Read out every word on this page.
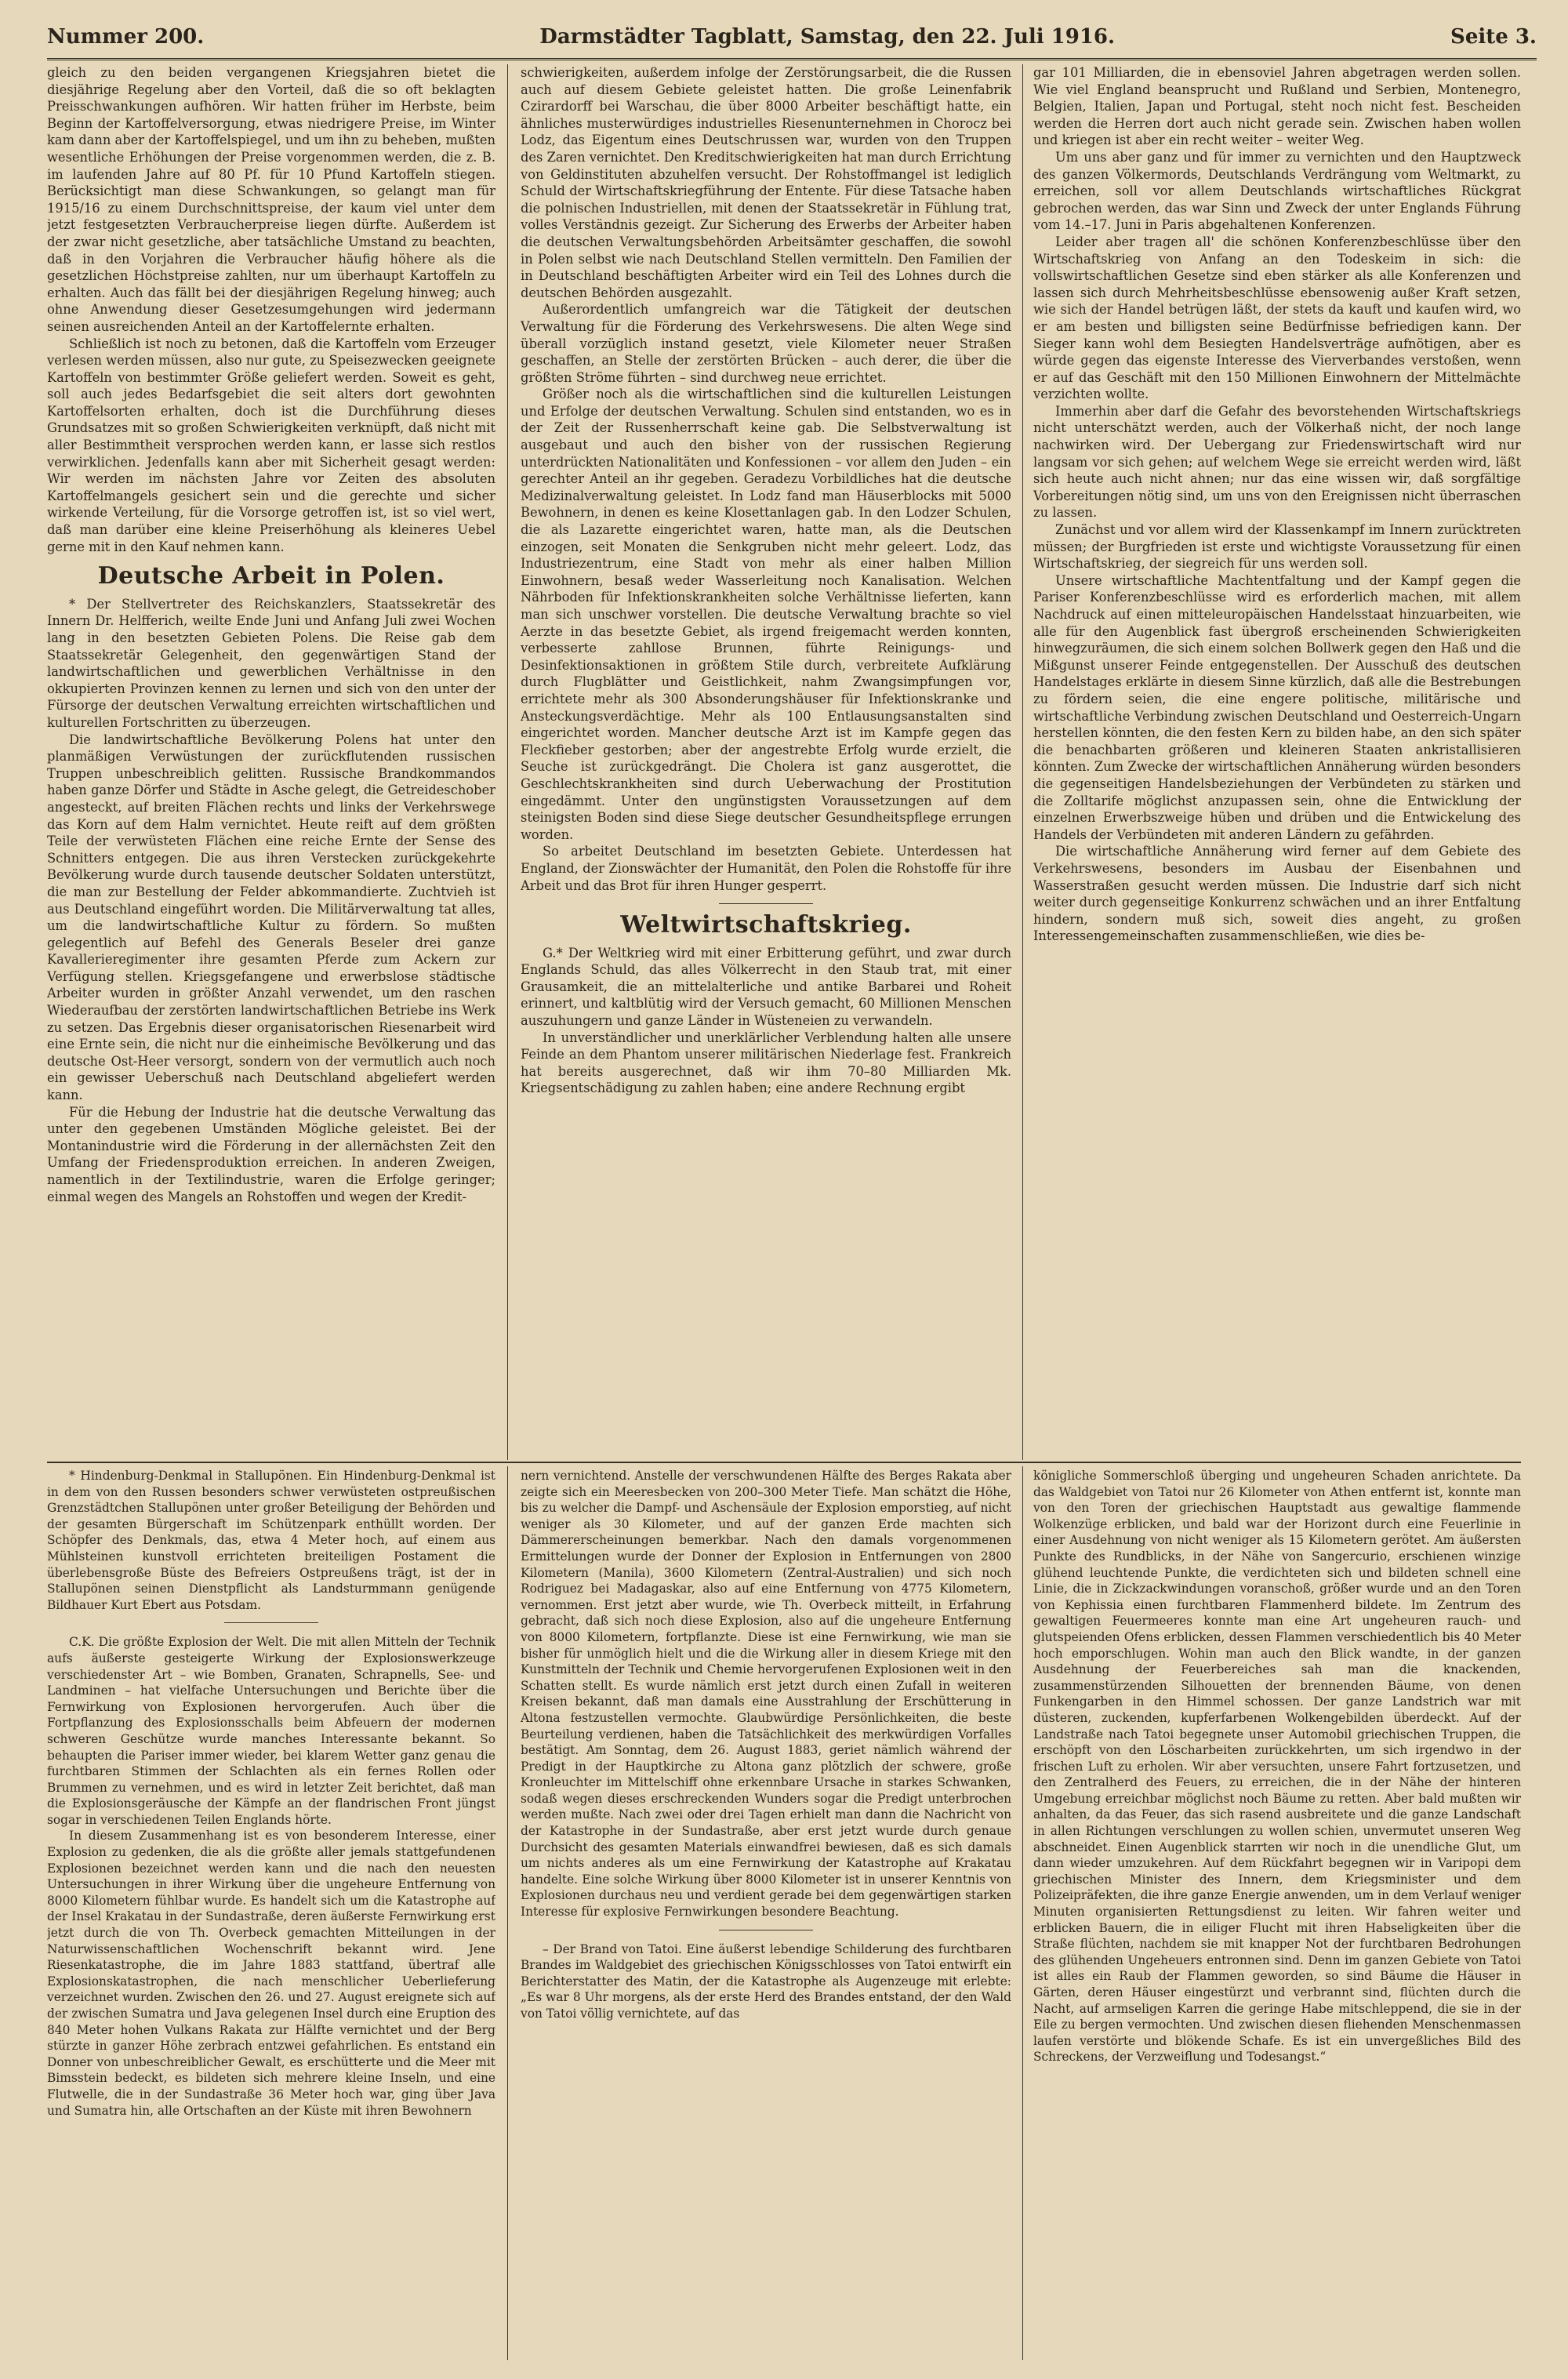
Nummer 200.	Darmstädter Tagblatt, Samstag, den 22. Juli 1916.	Seite 3.

gleich zu den beiden vergangenen Kriegsjahren bietet die diesjährige Regelung aber den Vorteil, daß die so oft beklagten Preisschwankungen aufhören. Wir hatten früher im Herbste, beim Beginn der Kartoffelversorgung, etwas niedrigere Preise, im Winter kam dann aber der Kartoffelspiegel, und um ihn zu beheben, mußten wesentliche Erhöhungen der Preise vorgenommen werden, die z. B. im laufenden Jahre auf 80 Pf. für 10 Pfund Kartoffeln stiegen. Berücksichtigt man diese Schwankungen, so gelangt man für 1915/16 zu einem Durchschnittspreise, der kaum viel unter dem jetzt festgesetzten Verbraucherpreise liegen dürfte. Außerdem ist der zwar nicht gesetzliche, aber tatsächliche Umstand zu beachten, daß in den Vorjahren die Verbraucher häufig höhere als die gesetzlichen Höchstpreise zahlten, nur um überhaupt Kartoffeln zu erhalten. Auch das fällt bei der diesjährigen Regelung hinweg; auch ohne Anwendung dieser Gesetzesumgehungen wird jedermann seinen ausreichenden Anteil an der Kartoffelernte erhalten.

Schließlich ist noch zu betonen, daß die Kartoffeln vom Erzeuger verlesen werden müssen, also nur gute, zu Speisezwecken geeignete Kartoffeln von bestimmter Größe geliefert werden. Soweit es geht, soll auch jedes Bedarfsgebiet die seit alters dort gewohnten Kartoffelsorten erhalten, doch ist die Durchführung dieses Grundsatzes mit so großen Schwierigkeiten verknüpft, daß nicht mit aller Bestimmtheit versprochen werden kann, er lasse sich restlos verwirklichen. Jedenfalls kann aber mit Sicherheit gesagt werden: Wir werden im nächsten Jahre vor Zeiten des absoluten Kartoffelmangels gesichert sein und die gerechte und sicher wirkende Verteilung, für die Vorsorge getroffen ist, ist so viel wert, daß man darüber eine kleine Preiserhöhung als kleineres Uebel gerne mit in den Kauf nehmen kann.

Deutsche Arbeit in Polen.

* Der Stellvertreter des Reichskanzlers, Staatssekretär des Innern Dr. Helfferich, weilte Ende Juni und Anfang Juli zwei Wochen lang in den besetzten Gebieten Polens. Die Reise gab dem Staatssekretär Gelegenheit, den gegenwärtigen Stand der landwirtschaftlichen und gewerblichen Verhältnisse in den okkupierten Provinzen kennen zu lernen und sich von den unter der Fürsorge der deutschen Verwaltung erreichten wirtschaftlichen und kulturellen Fortschritten zu überzeugen.

Die landwirtschaftliche Bevölkerung Polens hat unter den planmäßigen Verwüstungen der zurückflutenden russischen Truppen unbeschreiblich gelitten. Russische Brandkommandos haben ganze Dörfer und Städte in Asche gelegt, die Getreideschober angesteckt, auf breiten Flächen rechts und links der Verkehrswege das Korn auf dem Halm vernichtet. Heute reift auf dem größten Teile der verwüsteten Flächen eine reiche Ernte der Sense des Schnitters entgegen. Die aus ihren Verstecken zurückgekehrte Bevölkerung wurde durch tausende deutscher Soldaten unterstützt, die man zur Bestellung der Felder abkommandierte. Zuchtvieh ist aus Deutschland eingeführt worden. Die Militärverwaltung tat alles, um die landwirtschaftliche Kultur zu fördern. So mußten gelegentlich auf Befehl des Generals Beseler drei ganze Kavallerieregimenter ihre gesamten Pferde zum Ackern zur Verfügung stellen. Kriegsgefangene und erwerbslose städtische Arbeiter wurden in größter Anzahl verwendet, um den raschen Wiederaufbau der zerstörten landwirtschaftlichen Betriebe ins Werk zu setzen. Das Ergebnis dieser organisatorischen Riesenarbeit wird eine Ernte sein, die nicht nur die einheimische Bevölkerung und das deutsche Ost-Heer versorgt, sondern von der vermutlich auch noch ein gewisser Ueberschuß nach Deutschland abgeliefert werden kann.

Für die Hebung der Industrie hat die deutsche Verwaltung das unter den gegebenen Umständen Mögliche geleistet. Bei der Montanindustrie wird die Förderung in der allernächsten Zeit den Umfang der Friedensproduktion erreichen. In anderen Zweigen, namentlich in der Textilindustrie, waren die Erfolge geringer; einmal wegen des Mangels an Rohstoffen und wegen der Kredit-

schwierigkeiten, außerdem infolge der Zerstörungsarbeit, die die Russen auch auf diesem Gebiete geleistet hatten. Die große Leinenfabrik Czirardorff bei Warschau, die über 8000 Arbeiter beschäftigt hatte, ein ähnliches musterwürdiges industrielles Riesenunternehmen in Chorocz bei Lodz, das Eigentum eines Deutschrussen war, wurden von den Truppen des Zaren vernichtet. Den Kreditschwierigkeiten hat man durch Errichtung von Geldinstituten abzuhelfen versucht. Der Rohstoffmangel ist lediglich Schuld der Wirtschaftskriegführung der Entente. Für diese Tatsache haben die polnischen Industriellen, mit denen der Staatssekretär in Fühlung trat, volles Verständnis gezeigt. Zur Sicherung des Erwerbs der Arbeiter haben die deutschen Verwaltungsbehörden Arbeitsämter geschaffen, die sowohl in Polen selbst wie nach Deutschland Stellen vermitteln. Den Familien der in Deutschland beschäftigten Arbeiter wird ein Teil des Lohnes durch die deutschen Behörden ausgezahlt.

Außerordentlich umfangreich war die Tätigkeit der deutschen Verwaltung für die Förderung des Verkehrswesens. Die alten Wege sind überall vorzüglich instand gesetzt, viele Kilometer neuer Straßen geschaffen, an Stelle der zerstörten Brücken – auch derer, die über die größten Ströme führten – sind durchweg neue errichtet.

Größer noch als die wirtschaftlichen sind die kulturellen Leistungen und Erfolge der deutschen Verwaltung. Schulen sind entstanden, wo es in der Zeit der Russenherrschaft keine gab. Die Selbstverwaltung ist ausgebaut und auch den bisher von der russischen Regierung unterdrückten Nationalitäten und Konfessionen – vor allem den Juden – ein gerechter Anteil an ihr gegeben. Geradezu Vorbildliches hat die deutsche Medizinalverwaltung geleistet. In Lodz fand man Häuserblocks mit 5000 Bewohnern, in denen es keine Klosettanlagen gab. In den Lodzer Schulen, die als Lazarette eingerichtet waren, hatte man, als die Deutschen einzogen, seit Monaten die Senkgruben nicht mehr geleert. Lodz, das Industriezentrum, eine Stadt von mehr als einer halben Million Einwohnern, besaß weder Wasserleitung noch Kanalisation. Welchen Nährboden für Infektionskrankheiten solche Verhältnisse lieferten, kann man sich unschwer vorstellen. Die deutsche Verwaltung brachte so viel Aerzte in das besetzte Gebiet, als irgend freigemacht werden konnten, verbesserte zahllose Brunnen, führte Reinigungs- und Desinfektionsaktionen in größtem Stile durch, verbreitete Aufklärung durch Flugblätter und Geistlichkeit, nahm Zwangsimpfungen vor, errichtete mehr als 300 Absonderungshäuser für Infektionskranke und Ansteckungsverdächtige. Mehr als 100 Entlausungsanstalten sind eingerichtet worden. Mancher deutsche Arzt ist im Kampfe gegen das Fleckfieber gestorben; aber der angestrebte Erfolg wurde erzielt, die Seuche ist zurückgedrängt. Die Cholera ist ganz ausgerottet, die Geschlechtskrankheiten sind durch Ueberwachung der Prostitution eingedämmt. Unter den ungünstigsten Voraussetzungen auf dem steinigsten Boden sind diese Siege deutscher Gesundheitspflege errungen worden.

So arbeitet Deutschland im besetzten Gebiete. Unterdessen hat England, der Zionswächter der Humanität, den Polen die Rohstoffe für ihre Arbeit und das Brot für ihren Hunger gesperrt.

Weltwirtschaftskrieg.

G.* Der Weltkrieg wird mit einer Erbitterung geführt, und zwar durch Englands Schuld, das alles Völkerrecht in den Staub trat, mit einer Grausamkeit, die an mittelalterliche und antike Barbarei und Roheit erinnert, und kaltblütig wird der Versuch gemacht, 60 Millionen Menschen auszuhungern und ganze Länder in Wüsteneien zu verwandeln.

In unverständlicher und unerklärlicher Verblendung halten alle unsere Feinde an dem Phantom unserer militärischen Niederlage fest. Frankreich hat bereits ausgerechnet, daß wir ihm 70–80 Milliarden Mk. Kriegsentschädigung zu zahlen haben; eine andere Rechnung ergibt

gar 101 Milliarden, die in ebensoviel Jahren abgetragen werden sollen. Wie viel England beansprucht und Rußland und Serbien, Montenegro, Belgien, Italien, Japan und Portugal, steht noch nicht fest. Bescheiden werden die Herren dort auch nicht gerade sein. Zwischen haben wollen und kriegen ist aber ein recht weiter – weiter Weg.

Um uns aber ganz und für immer zu vernichten und den Hauptzweck des ganzen Völkermords, Deutschlands Verdrängung vom Weltmarkt, zu erreichen, soll vor allem Deutschlands wirtschaftliches Rückgrat gebrochen werden, das war Sinn und Zweck der unter Englands Führung vom 14.–17. Juni in Paris abgehaltenen Konferenzen.

Leider aber tragen all' die schönen Konferenzbeschlüsse über den Wirtschaftskrieg von Anfang an den Todeskeim in sich: die vollswirtschaftlichen Gesetze sind eben stärker als alle Konferenzen und lassen sich durch Mehrheitsbeschlüsse ebensowenig außer Kraft setzen, wie sich der Handel betrügen läßt, der stets da kauft und kaufen wird, wo er am besten und billigsten seine Bedürfnisse befriedigen kann. Der Sieger kann wohl dem Besiegten Handelsverträge aufnötigen, aber es würde gegen das eigenste Interesse des Vierverbandes verstoßen, wenn er auf das Geschäft mit den 150 Millionen Einwohnern der Mittelmächte verzichten wollte.

Immerhin aber darf die Gefahr des bevorstehenden Wirtschaftskriegs nicht unterschätzt werden, auch der Völkerhaß nicht, der noch lange nachwirken wird. Der Uebergang zur Friedenswirtschaft wird nur langsam vor sich gehen; auf welchem Wege sie erreicht werden wird, läßt sich heute auch nicht ahnen; nur das eine wissen wir, daß sorgfältige Vorbereitungen nötig sind, um uns von den Ereignissen nicht überraschen zu lassen.

Zunächst und vor allem wird der Klassenkampf im Innern zurücktreten müssen; der Burgfrieden ist erste und wichtigste Voraussetzung für einen Wirtschaftskrieg, der siegreich für uns werden soll.

Unsere wirtschaftliche Machtentfaltung und der Kampf gegen die Pariser Konferenzbeschlüsse wird es erforderlich machen, mit allem Nachdruck auf einen mitteleuropäischen Handelsstaat hinzuarbeiten, wie alle für den Augenblick fast übergroß erscheinenden Schwierigkeiten hinwegzuräumen, die sich einem solchen Bollwerk gegen den Haß und die Mißgunst unserer Feinde entgegenstellen. Der Ausschuß des deutschen Handelstages erklärte in diesem Sinne kürzlich, daß alle die Bestrebungen zu fördern seien, die eine engere politische, militärische und wirtschaftliche Verbindung zwischen Deutschland und Oesterreich-Ungarn herstellen könnten, die den festen Kern zu bilden habe, an den sich später die benachbarten größeren und kleineren Staaten ankristallisieren könnten. Zum Zwecke der wirtschaftlichen Annäherung würden besonders die gegenseitigen Handelsbeziehungen der Verbündeten zu stärken und die Zolltarife möglichst anzupassen sein, ohne die Entwicklung der einzelnen Erwerbszweige hüben und drüben und die Entwickelung des Handels der Verbündeten mit anderen Ländern zu gefährden.

Die wirtschaftliche Annäherung wird ferner auf dem Gebiete des Verkehrswesens, besonders im Ausbau der Eisenbahnen und Wasserstraßen gesucht werden müssen. Die Industrie darf sich nicht weiter durch gegenseitige Konkurrenz schwächen und an ihrer Entfaltung hindern, sondern muß sich, soweit dies angeht, zu großen Interessengemeinschaften zusammenschließen, wie dies be-

* Hindenburg-Denkmal in Stallupönen. Ein Hindenburg-Denkmal ist in dem von den Russen besonders schwer verwüsteten ostpreußischen Grenzstädtchen Stallupönen unter großer Beteiligung der Behörden und der gesamten Bürgerschaft im Schützenpark enthüllt worden. Der Schöpfer des Denkmals, das, etwa 4 Meter hoch, auf einem aus Mühlsteinen kunstvoll errichteten breiteiligen Postament die überlebensgroße Büste des Befreiers Ostpreußens trägt, ist der in Stallupönen seinen Dienstpflicht als Landsturmmann genügende Bildhauer Kurt Ebert aus Potsdam.

C.K. Die größte Explosion der Welt. Die mit allen Mitteln der Technik aufs äußerste gesteigerte Wirkung der Explosionswerkzeuge verschiedenster Art – wie Bomben, Granaten, Schrapnells, See- und Landminen – hat vielfache Untersuchungen und Berichte über die Fernwirkung von Explosionen hervorgerufen. Auch über die Fortpflanzung des Explosionsschalls beim Abfeuern der modernen schweren Geschütze wurde manches Interessante bekannt. So behaupten die Pariser immer wieder, bei klarem Wetter ganz genau die furchtbaren Stimmen der Schlachten als ein fernes Rollen oder Brummen zu vernehmen, und es wird in letzter Zeit berichtet, daß man die Explosionsgeräusche der Kämpfe an der flandrischen Front jüngst sogar in verschiedenen Teilen Englands hörte.

In diesem Zusammenhang ist es von besonderem Interesse, einer Explosion zu gedenken, die als die größte aller jemals stattgefundenen Explosionen bezeichnet werden kann und die nach den neuesten Untersuchungen in ihrer Wirkung über die ungeheure Entfernung von 8000 Kilometern fühlbar wurde. Es handelt sich um die Katastrophe auf der Insel Krakatau in der Sundastraße, deren äußerste Fernwirkung erst jetzt durch die von Th. Overbeck gemachten Mitteilungen in der Naturwissenschaftlichen Wochenschrift bekannt wird. Jene Riesenkatastrophe, die im Jahre 1883 stattfand, übertraf alle Explosionskatastrophen, die nach menschlicher Ueberlieferung verzeichnet wurden. Zwischen den 26. und 27. August ereignete sich auf der zwischen Sumatra und Java gelegenen Insel durch eine Eruption des 840 Meter hohen Vulkans Rakata zur Hälfte vernichtet und der Berg stürzte in ganzer Höhe zerbrach entzwei gefahrlichen. Es entstand ein Donner von unbeschreiblicher Gewalt, es erschütterte und die Meer mit Bimsstein bedeckt, es bildeten sich mehrere kleine Inseln, und eine Flutwelle, die in der Sundastraße 36 Meter hoch war, ging über Java und Sumatra hin, alle Ortschaften an der Küste mit ihren Bewohnern

nern vernichtend. Anstelle der verschwundenen Hälfte des Berges Rakata aber zeigte sich ein Meeresbecken von 200–300 Meter Tiefe. Man schätzt die Höhe, bis zu welcher die Dampf- und Aschensäule der Explosion emporstieg, auf nicht weniger als 30 Kilometer, und auf der ganzen Erde machten sich Dämmererscheinungen bemerkbar. Nach den damals vorgenommenen Ermittelungen wurde der Donner der Explosion in Entfernungen von 2800 Kilometern (Manila), 3600 Kilometern (Zentral-Australien) und sich noch Rodriguez bei Madagaskar, also auf eine Entfernung von 4775 Kilometern, vernommen. Erst jetzt aber wurde, wie Th. Overbeck mitteilt, in Erfahrung gebracht, daß sich noch diese Explosion, also auf die ungeheure Entfernung von 8000 Kilometern, fortpflanzte. Diese ist eine Fernwirkung, wie man sie bisher für unmöglich hielt und die die Wirkung aller in diesem Kriege mit den Kunstmitteln der Technik und Chemie hervorgerufenen Explosionen weit in den Schatten stellt. Es wurde nämlich erst jetzt durch einen Zufall in weiteren Kreisen bekannt, daß man damals eine Ausstrahlung der Erschütterung in Altona festzustellen vermochte. Glaubwürdige Persönlichkeiten, die beste Beurteilung verdienen, haben die Tatsächlichkeit des merkwürdigen Vorfalles bestätigt. Am Sonntag, dem 26. August 1883, geriet nämlich während der Predigt in der Hauptkirche zu Altona ganz plötzlich der schwere, große Kronleuchter im Mittelschiff ohne erkennbare Ursache in starkes Schwanken, sodaß wegen dieses erschreckenden Wunders sogar die Predigt unterbrochen werden mußte. Nach zwei oder drei Tagen erhielt man dann die Nachricht von der Katastrophe in der Sundastraße, aber erst jetzt wurde durch genaue Durchsicht des gesamten Materials einwandfrei bewiesen, daß es sich damals um nichts anderes als um eine Fernwirkung der Katastrophe auf Krakatau handelte. Eine solche Wirkung über 8000 Kilometer ist in unserer Kenntnis von Explosionen durchaus neu und verdient gerade bei dem gegenwärtigen starken Interesse für explosive Fernwirkungen besondere Beachtung.

– Der Brand von Tatoi. Eine äußerst lebendige Schilderung des furchtbaren Brandes im Waldgebiet des griechischen Königsschlosses von Tatoi entwirft ein Berichterstatter des Matin, der die Katastrophe als Augenzeuge mit erlebte: „Es war 8 Uhr morgens, als der erste Herd des Brandes entstand, der den Wald von Tatoi völlig vernichtete, auf das

königliche Sommerschloß überging und ungeheuren Schaden anrichtete. Da das Waldgebiet von Tatoi nur 26 Kilometer von Athen entfernt ist, konnte man von den Toren der griechischen Hauptstadt aus gewaltige flammende Wolkenzüge erblicken, und bald war der Horizont durch eine Feuerlinie in einer Ausdehnung von nicht weniger als 15 Kilometern gerötet. Am äußersten Punkte des Rundblicks, in der Nähe von Sangercurio, erschienen winzige glühend leuchtende Punkte, die verdichteten sich und bildeten schnell eine Linie, die in Zickzackwindungen voranschoß, größer wurde und an den Toren von Kephissia einen furchtbaren Flammenherd bildete. Im Zentrum des gewaltigen Feuermeeres konnte man eine Art ungeheuren rauch- und glutspeienden Ofens erblicken, dessen Flammen verschiedentlich bis 40 Meter hoch emporschlugen. Wohin man auch den Blick wandte, in der ganzen Ausdehnung der Feuerbereiches sah man die knackenden, zusammenstürzenden Silhouetten der brennenden Bäume, von denen Funkengarben in den Himmel schossen. Der ganze Landstrich war mit düsteren, zuckenden, kupferfarbenen Wolkengebilden überdeckt. Auf der Landstraße nach Tatoi begegnete unser Automobil griechischen Truppen, die erschöpft von den Löscharbeiten zurückkehrten, um sich irgendwo in der frischen Luft zu erholen. Wir aber versuchten, unsere Fahrt fortzusetzen, und den Zentralherd des Feuers, zu erreichen, die in der Nähe der hinteren Umgebung erreichbar möglichst noch Bäume zu retten. Aber bald mußten wir anhalten, da das Feuer, das sich rasend ausbreitete und die ganze Landschaft in allen Richtungen verschlungen zu wollen schien, unvermutet unseren Weg abschneidet. Einen Augenblick starrten wir noch in die unendliche Glut, um dann wieder umzukehren. Auf dem Rückfahrt begegnen wir in Varipopi dem griechischen Minister des Innern, dem Kriegsminister und dem Polizeipräfekten, die ihre ganze Energie anwenden, um in dem Verlauf weniger Minuten organisierten Rettungsdienst zu leiten. Wir fahren weiter und erblicken Bauern, die in eiliger Flucht mit ihren Habseligkeiten über die Straße flüchten, nachdem sie mit knapper Not der furchtbaren Bedrohungen des glühenden Ungeheuers entronnen sind. Denn im ganzen Gebiete von Tatoi ist alles ein Raub der Flammen geworden, so sind Bäume die Häuser in Gärten, deren Häuser eingestürzt und verbrannt sind, flüchten durch die Nacht, auf armseligen Karren die geringe Habe mitschleppend, die sie in der Eile zu bergen vermochten. Und zwischen diesen fliehenden Menschenmassen laufen verstörte und blökende Schafe. Es ist ein unvergeßliches Bild des Schreckens, der Verzweiflung und Todesangst.“
